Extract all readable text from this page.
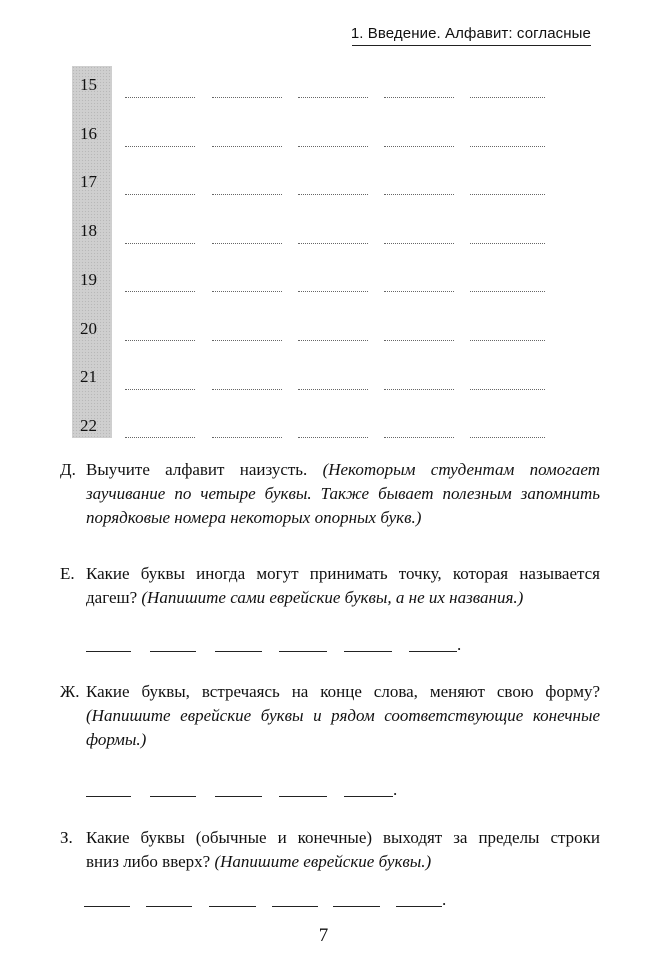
1. Введение. Алфавит: согласные
15
16
17
18
19
20
21
22
Д. Выучите алфавит наизусть. (Некоторым студентам помогает
заучивание по четыре буквы. Также бывает полезным запомнить
порядковые номера некоторых опорных букв.)
Е. Какие буквы иногда могут принимать точку, которая называется
дагеш? (Напишите сами еврейские буквы, а не их названия.)
Ж. Какие буквы, встречаясь на конце слова, меняют свою форму?
(Напишите еврейские буквы и рядом соответствующие конечные
формы.)
З. Какие буквы (обычные и конечные) выходят за пределы строки
вниз либо вверх? (Напишите еврейские буквы.)
.
.
.
7
